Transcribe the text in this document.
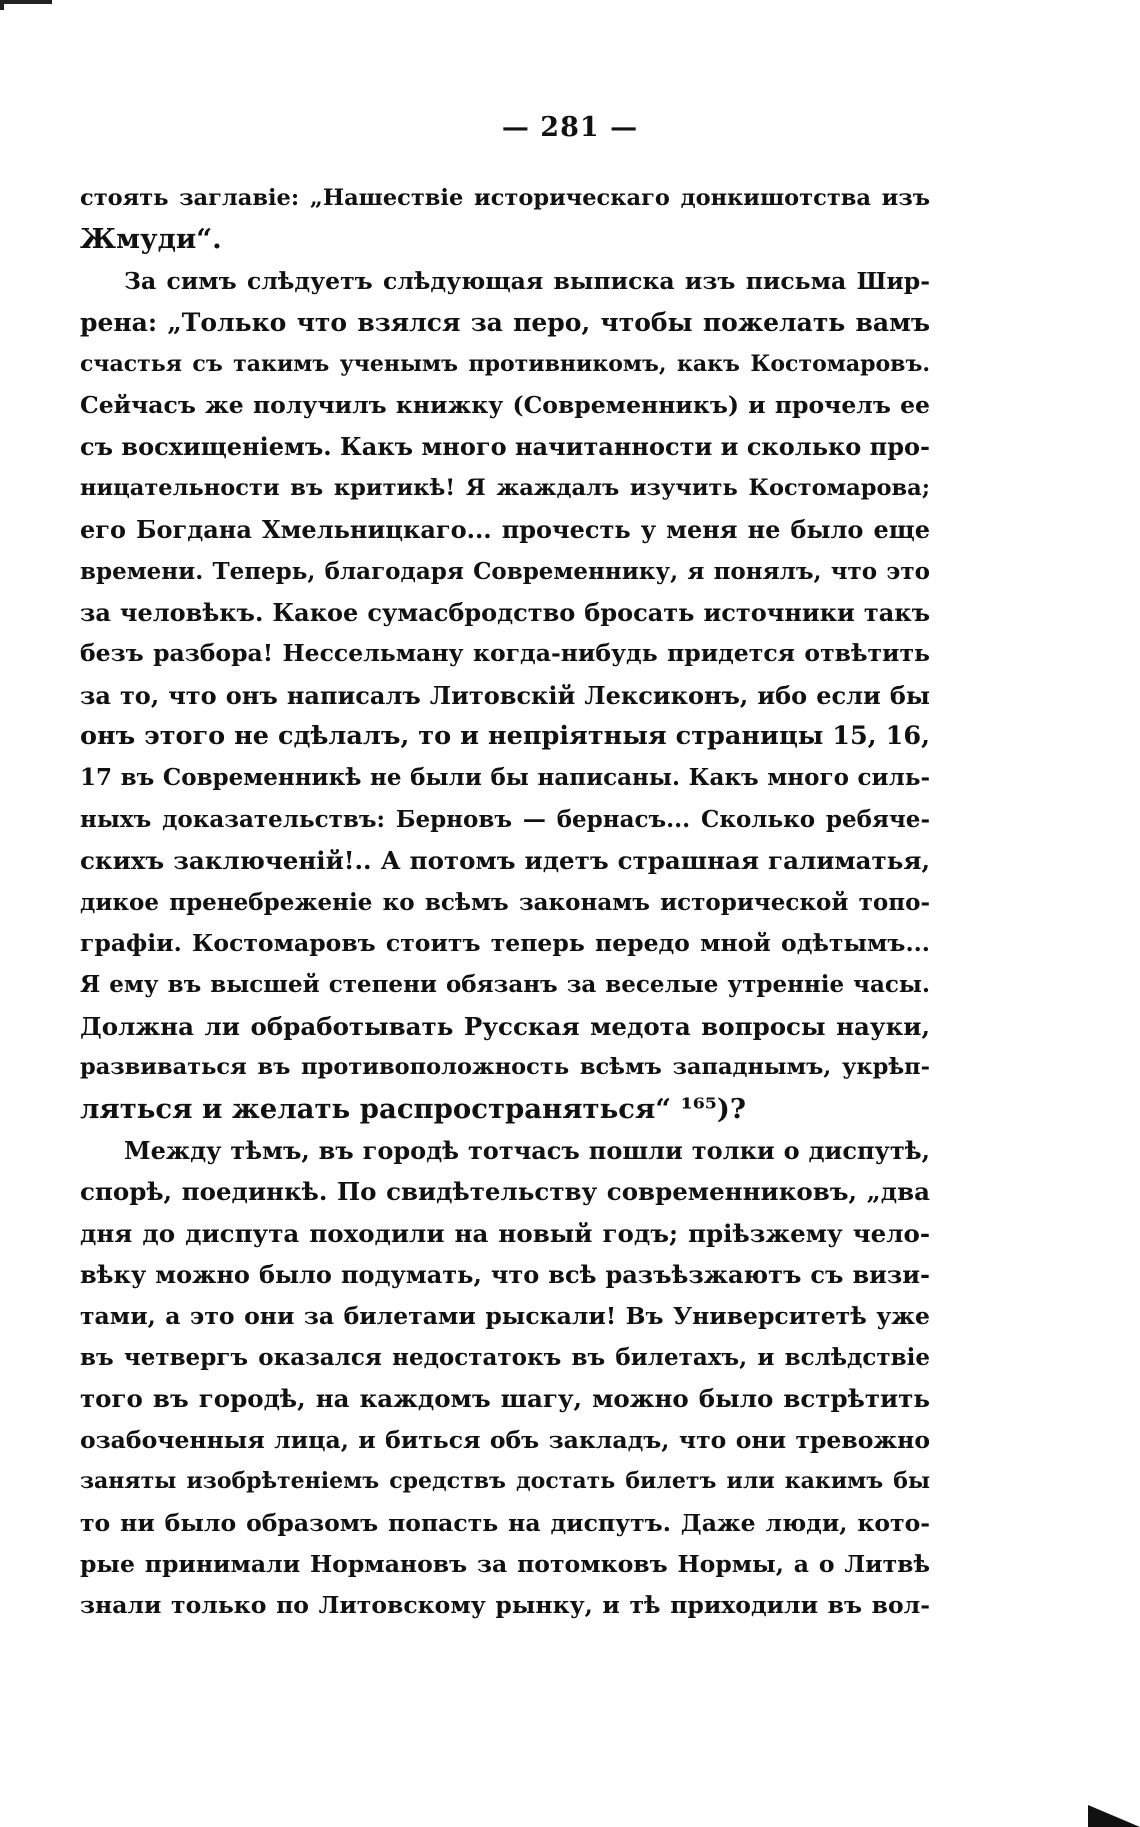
— 281 —
стоять заглавіе: „Нашествіе историческаго донкишотства изъ
Жмуди“.
За симъ слѣдуетъ слѣдующая выписка изъ письма Шир-
рена: „Только что взялся за перо, чтобы пожелать вамъ
счастья съ такимъ ученымъ противникомъ, какъ Костомаровъ.
Сейчасъ же получилъ книжку (Современникъ) и прочелъ ее
съ восхищеніемъ. Какъ много начитанности и сколько про-
ницательности въ критикѣ! Я жаждалъ изучить Костомарова;
его Богдана Хмельницкаго... прочесть у меня не было еще
времени. Теперь, благодаря Современнику, я понялъ, что это
за человѣкъ. Какое сумасбродство бросать источники такъ
безъ разбора! Нессельману когда-нибудь придется отвѣтить
за то, что онъ написалъ Литовскій Лексиконъ, ибо если бы
онъ этого не сдѣлалъ, то и непріятныя страницы 15, 16,
17 въ Современникѣ не были бы написаны. Какъ много силь-
ныхъ доказательствъ: Берновъ — бернасъ... Сколько ребяче-
скихъ заключеній!.. А потомъ идетъ страшная галиматья,
дикое пренебреженіе ко всѣмъ законамъ исторической топо-
графіи. Костомаровъ стоитъ теперь передо мной одѣтымъ...
Я ему въ высшей степени обязанъ за веселые утренніе часы.
Должна ли обработывать Русская медота вопросы науки,
развиваться въ противоположность всѣмъ западнымъ, укрѣп-
ляться и желать распространяться“ ¹⁶⁵)?
Между тѣмъ, въ городѣ тотчасъ пошли толки о диспутѣ,
спорѣ, поединкѣ. По свидѣтельству современниковъ, „два
дня до диспута походили на новый годъ; пріѣзжему чело-
вѣку можно было подумать, что всѣ разъѣзжаютъ съ визи-
тами, а это они за билетами рыскали! Въ Университетѣ уже
въ четвергъ оказался недостатокъ въ билетахъ, и вслѣдствіе
того въ городѣ, на каждомъ шагу, можно было встрѣтить
озабоченныя лица, и биться объ закладъ, что они тревожно
заняты изобрѣтеніемъ средствъ достать билетъ или какимъ бы
то ни было образомъ попасть на диспутъ. Даже люди, кото-
рые принимали Нормановъ за потомковъ Нормы, а о Литвѣ
знали только по Литовскому рынку, и тѣ приходили въ вол-
